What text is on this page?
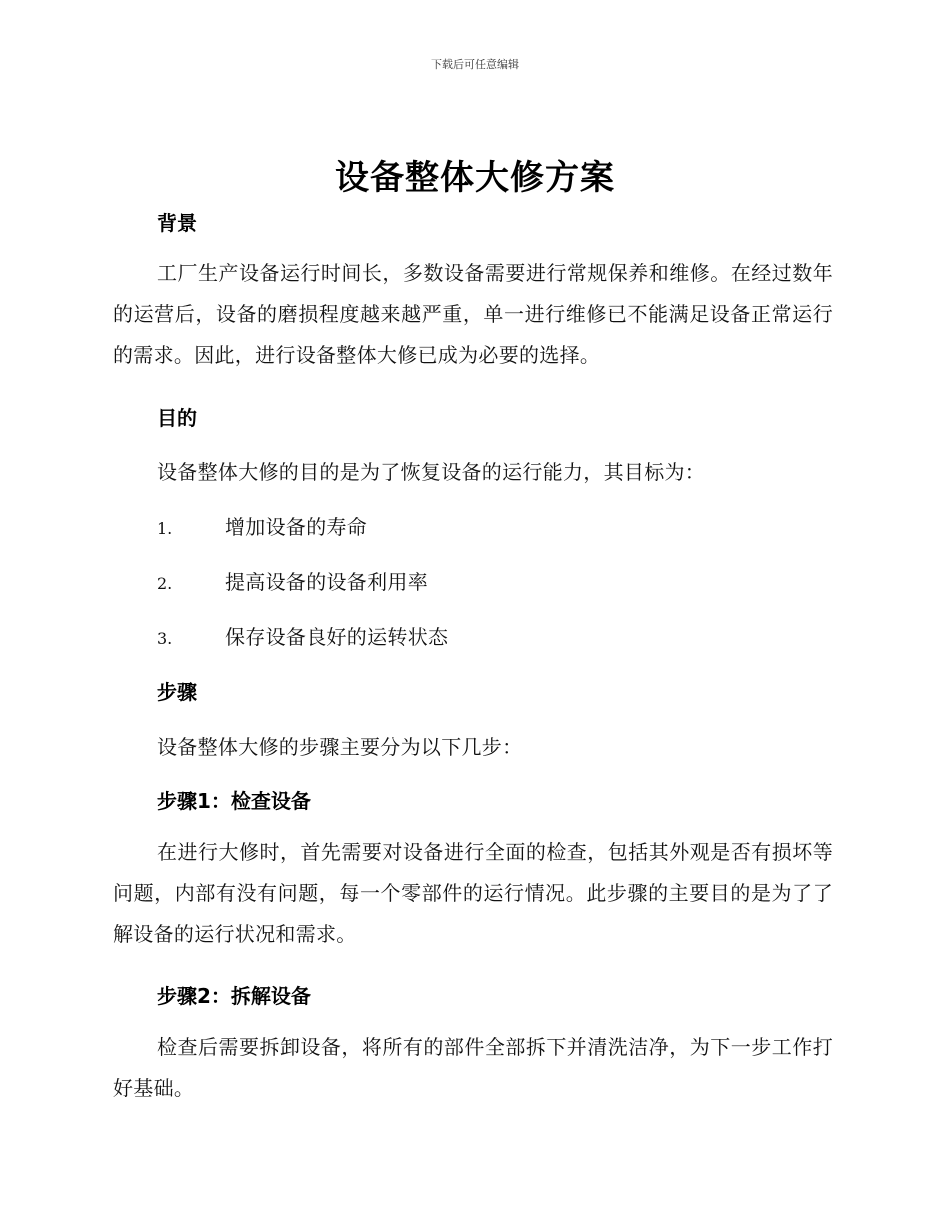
下载后可任意编辑
设备整体大修方案
背景
工厂生产设备运行时间长，多数设备需要进行常规保养和维修。在经过数年的运营后，设备的磨损程度越来越严重，单一进行维修已不能满足设备正常运行的需求。因此，进行设备整体大修已成为必要的选择。
目的
设备整体大修的目的是为了恢复设备的运行能力，其目标为：
1.	增加设备的寿命
2.	提高设备的设备利用率
3.	保存设备良好的运转状态
步骤
设备整体大修的步骤主要分为以下几步：
步骤1：检查设备
在进行大修时，首先需要对设备进行全面的检查，包括其外观是否有损坏等问题，内部有没有问题，每一个零部件的运行情况。此步骤的主要目的是为了了解设备的运行状况和需求。
步骤2：拆解设备
检查后需要拆卸设备，将所有的部件全部拆下并清洗洁净，为下一步工作打好基础。
